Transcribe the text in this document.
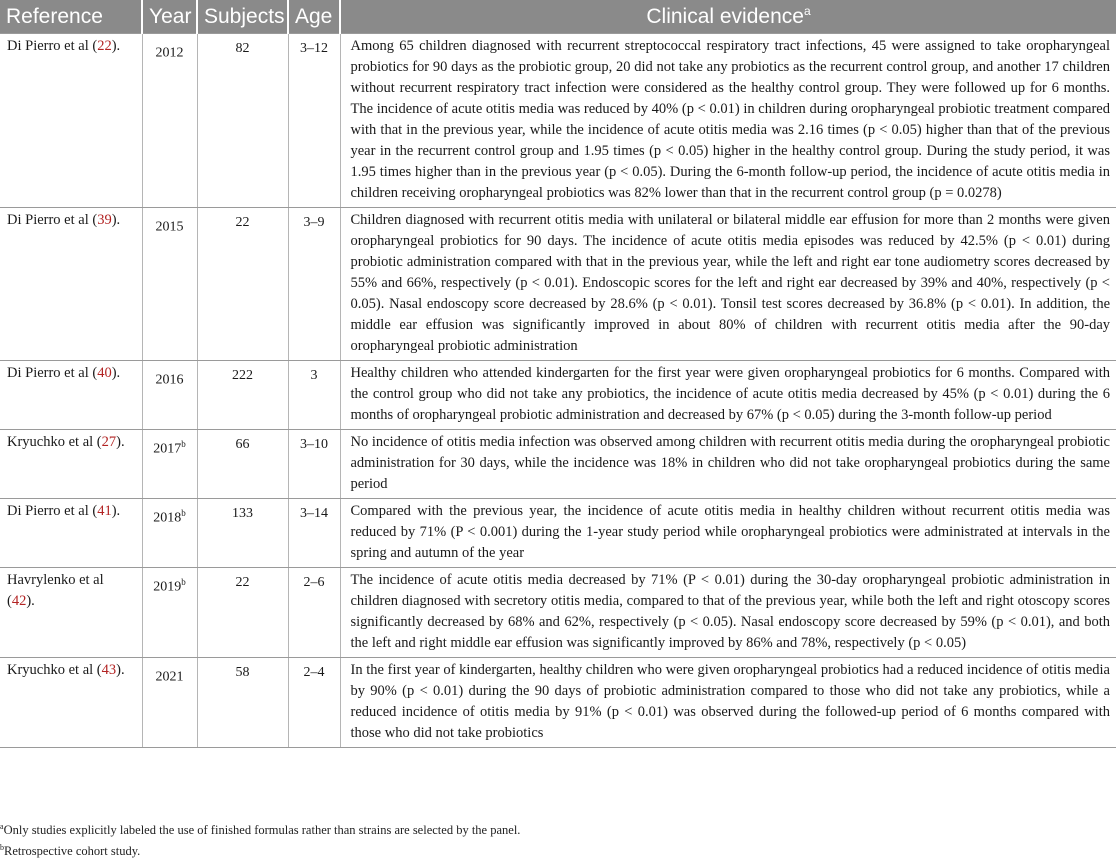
Reference	Year	Subjects	Age	Clinical evidence$^a$
Di Pierro et al (22).	2012	82	3–12	Among 65 children diagnosed with recurrent streptococcal respiratory tract infections, 45 were assigned to take oropharyngeal probiotics for 90 days as the probiotic group, 20 did not take any probiotics as the recurrent control group, and another 17 children without recurrent respiratory tract infection were considered as the healthy control group. They were followed up for 6 months. The incidence of acute otitis media was reduced by 40% (p < 0.01) in children during oropharyngeal probiotic treatment compared with that in the previous year, while the incidence of acute otitis media was 2.16 times (p < 0.05) higher than that of the previous year in the recurrent control group and 1.95 times (p < 0.05) higher in the healthy control group. During the study period, it was 1.95 times higher than in the previous year (p < 0.05). During the 6-month follow-up period, the incidence of acute otitis media in children receiving oropharyngeal probiotics was 82% lower than that in the recurrent control group (p = 0.0278)
Di Pierro et al (39).	2015	22	3–9	Children diagnosed with recurrent otitis media with unilateral or bilateral middle ear effusion for more than 2 months were given oropharyngeal probiotics for 90 days. The incidence of acute otitis media episodes was reduced by 42.5% (p < 0.01) during probiotic administration compared with that in the previous year, while the left and right ear tone audiometry scores decreased by 55% and 66%, respectively (p < 0.01). Endoscopic scores for the left and right ear decreased by 39% and 40%, respectively (p < 0.05). Nasal endoscopy score decreased by 28.6% (p < 0.01). Tonsil test scores decreased by 36.8% (p < 0.01). In addition, the middle ear effusion was significantly improved in about 80% of children with recurrent otitis media after the 90-day oropharyngeal probiotic administration
Di Pierro et al (40).	2016	222	3	Healthy children who attended kindergarten for the first year were given oropharyngeal probiotics for 6 months. Compared with the control group who did not take any probiotics, the incidence of acute otitis media decreased by 45% (p < 0.01) during the 6 months of oropharyngeal probiotic administration and decreased by 67% (p < 0.05) during the 3-month follow-up period
Kryuchko et al (27).	2017$^b$	66	3–10	No incidence of otitis media infection was observed among children with recurrent otitis media during the oropharyngeal probiotic administration for 30 days, while the incidence was 18% in children who did not take oropharyngeal probiotics during the same period
Di Pierro et al (41).	2018$^b$	133	3–14	Compared with the previous year, the incidence of acute otitis media in healthy children without recurrent otitis media was reduced by 71% (P < 0.001) during the 1-year study period while oropharyngeal probiotics were administrated at intervals in the spring and autumn of the year
Havrylenko et al (42).	2019$^b$	22	2–6	The incidence of acute otitis media decreased by 71% (P < 0.01) during the 30-day oropharyngeal probiotic administration in children diagnosed with secretory otitis media, compared to that of the previous year, while both the left and right otoscopy scores significantly decreased by 68% and 62%, respectively (p < 0.05). Nasal endoscopy score decreased by 59% (p < 0.01), and both the left and right middle ear effusion was significantly improved by 86% and 78%, respectively (p < 0.05)
Kryuchko et al (43).	2021	58	2–4	In the first year of kindergarten, healthy children who were given oropharyngeal probiotics had a reduced incidence of otitis media by 90% (p < 0.01) during the 90 days of probiotic administration compared to those who did not take any probiotics, while a reduced incidence of otitis media by 91% (p < 0.01) was observed during the followed-up period of 6 months compared with those who did not take probiotics
$^a$Only studies explicitly labeled the use of finished formulas rather than strains are selected by the panel.
$^b$Retrospective cohort study.
